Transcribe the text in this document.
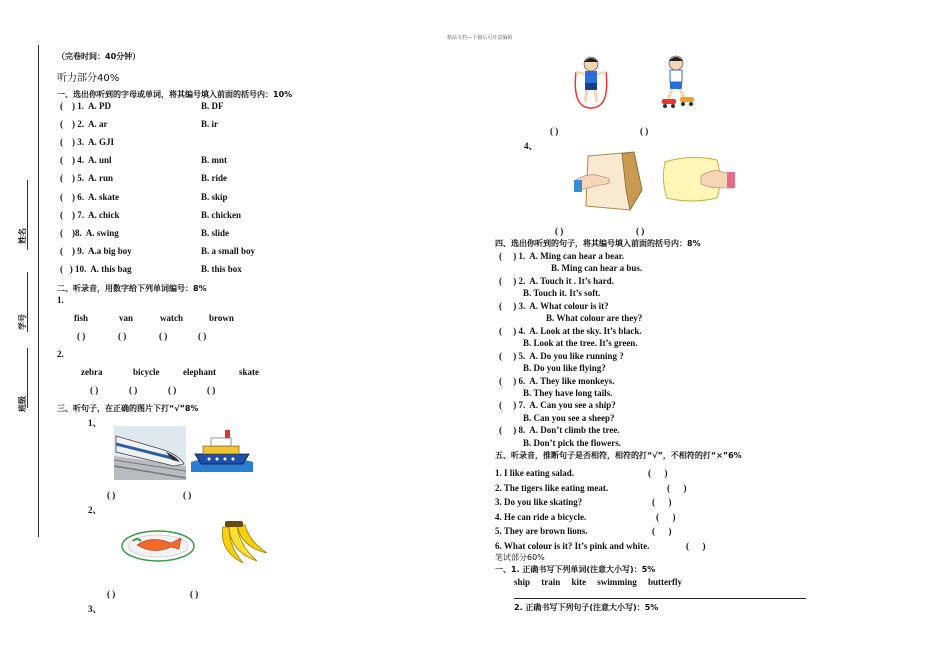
精品文档---下载后可任意编辑
姓名
学号
班级
（完卷时间：40分钟）
听力部分40%
一、选出你听到的字母或单词，将其编号填入前面的括号内：10%
(    ) 1.  A. PD	B. DF
(    ) 2.  A. ar	B. ir
(    ) 3.  A. GJI
(    ) 4.  A. unl	B. mnt
(    ) 5.  A. run	B. ride
(    ) 6.  A. skate	B. skip
(    ) 7.  A. chick	B. chicken
(    )8.  A. swing	B. slide
(    ) 9.  A.a big boy	B. a small boy
(   ) 10.  A. this bag	B. this box
二、听录音，用数字给下列单词编号：8%
1.
fish	van	watch	brown
( )	( )	( )	( )
2.
zebra	bicycle	elephant	skate
( )	( )	( )	( )
三、听句子，在正确的图片下打“√”8%
1、
( )	( )
2、
( )	( )
3、
( )	( )
4、
( )	( )
四、选出你听到的句子，将其编号填入前面的括号内：8%
(     ) 1.  A. Ming can hear a bear.
B. Ming can hear a bus.
(     ) 2.  A. Touch it . It’s hard.
B. Touch it. It’s soft.
(     ) 3.  A. What colour is it?
B. What colour are they?
(     ) 4.  A. Look at the sky. It’s black.
B. Look at the tree. It’s green.
(     ) 5.  A. Do you like running ?
B. Do you like flying?
(     ) 6.  A. They like monkeys.
B. They have long tails.
(     ) 7.  A. Can you see a ship?
B. Can you see a sheep?
(     ) 8.  A. Don’t climb the tree.
B. Don’t pick the flowers.
五、听录音，推断句子是否相符，相符的打“√”，不相符的打“×”6%
1. I like eating salad.	(      )
2. The tigers like eating meat.	(      )
3. Do you like skating?	(      )
4. He can ride a bicycle.	(      )
5. They are brown lions.	(      )
6. What colour is it? It’s pink and white.	(      )
笔试部分60%
一、1. 正确书写下列单词(注意大小写)：5%
ship     train     kite     swimming     butterfly
2. 正确书写下列句子(注意大小写)：5%
